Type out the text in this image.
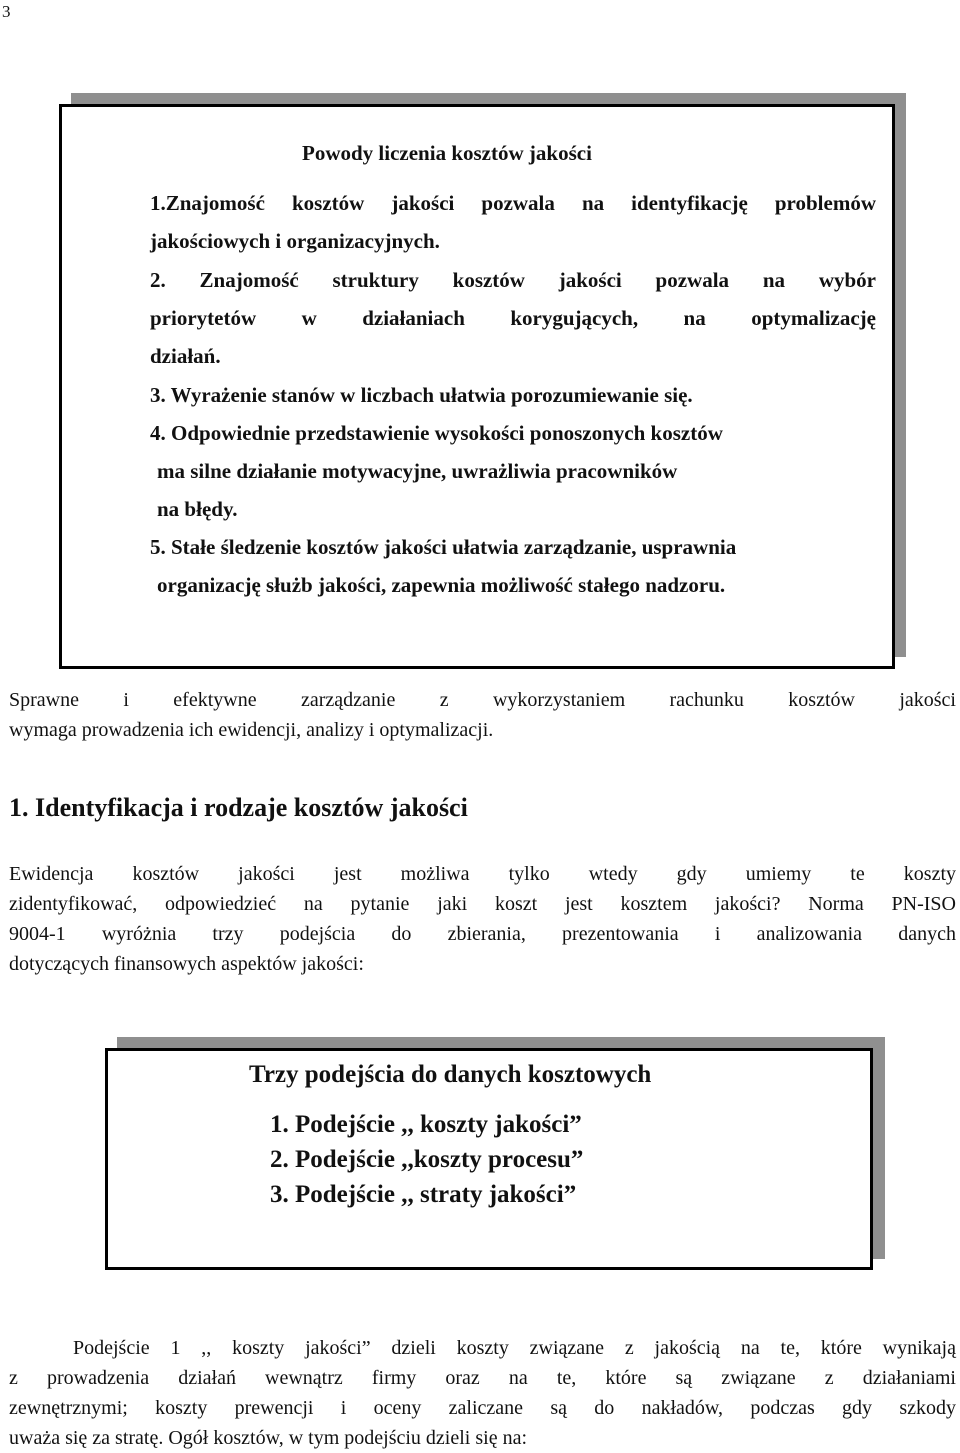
3
Powody liczenia kosztów jakości
1.Znajomość kosztów jakości pozwala na identyfikację problemów
jakościowych i organizacyjnych.
2. Znajomość struktury kosztów jakości pozwala na wybór
priorytetów w działaniach korygujących, na optymalizację
działań.
3. Wyrażenie stanów w liczbach ułatwia porozumiewanie się.
4. Odpowiednie przedstawienie wysokości ponoszonych kosztów
ma silne działanie motywacyjne, uwrażliwia pracowników
na błędy.
5. Stałe śledzenie kosztów jakości ułatwia zarządzanie, usprawnia
organizację służb jakości, zapewnia możliwość stałego nadzoru.

Sprawne i efektywne zarządzanie z wykorzystaniem rachunku kosztów jakości
wymaga prowadzenia ich ewidencji, analizy i optymalizacji.

1. Identyfikacja i rodzaje kosztów jakości

Ewidencja kosztów jakości jest możliwa tylko wtedy gdy umiemy te koszty
zidentyfikować, odpowiedzieć na pytanie jaki koszt jest kosztem jakości? Norma PN-ISO
9004-1 wyróżnia trzy podejścia do zbierania, prezentowania i analizowania danych
dotyczących finansowych aspektów jakości:

Trzy podejścia do danych kosztowych
1. Podejście ,, koszty jakości”
2. Podejście ,,koszty procesu”
3. Podejście ,, straty jakości”

Podejście 1 ,, koszty jakości” dzieli koszty związane z jakością na te, które wynikają
z prowadzenia działań wewnątrz firmy oraz na te, które są związane z działaniami
zewnętrznymi; koszty prewencji i oceny zaliczane są do nakładów, podczas gdy szkody
uważa się za stratę. Ogół kosztów, w tym podejściu dzieli się na:
